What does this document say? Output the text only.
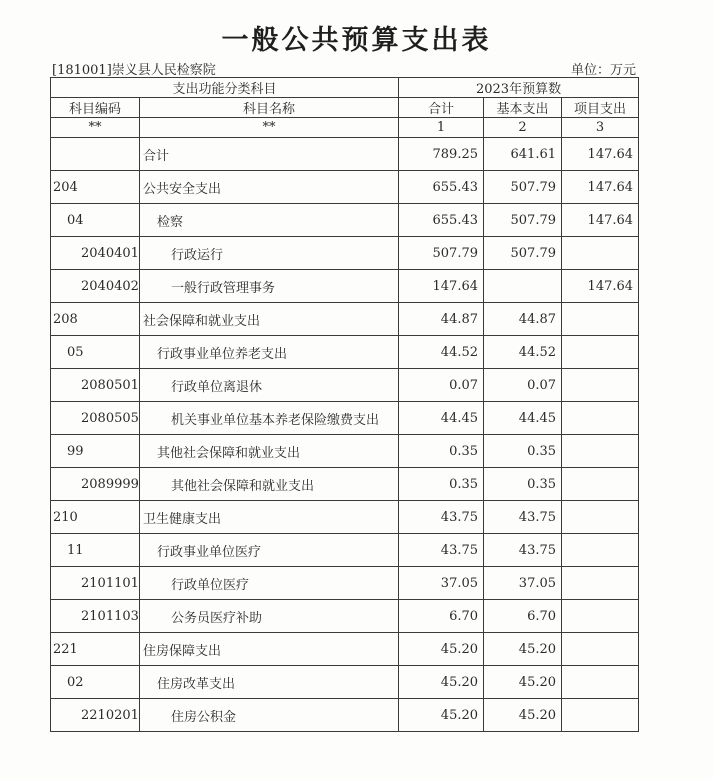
一般公共预算支出表
[181001]崇义县人民检察院	单位：万元
支出功能分类科目		2023年预算数		
科目编码	科目名称	合计	基本支出	项目支出
**	**	1	2	3
	合计	789.25	641.61	147.64
204	公共安全支出	655.43	507.79	147.64
04	检察	655.43	507.79	147.64
2040401	行政运行	507.79	507.79	
2040402	一般行政管理事务	147.64		147.64
208	社会保障和就业支出	44.87	44.87	
05	行政事业单位养老支出	44.52	44.52	
2080501	行政单位离退休	0.07	0.07	
2080505	机关事业单位基本养老保险缴费支出	44.45	44.45	
99	其他社会保障和就业支出	0.35	0.35	
2089999	其他社会保障和就业支出	0.35	0.35	
210	卫生健康支出	43.75	43.75	
11	行政事业单位医疗	43.75	43.75	
2101101	行政单位医疗	37.05	37.05	
2101103	公务员医疗补助	6.70	6.70	
221	住房保障支出	45.20	45.20	
02	住房改革支出	45.20	45.20	
2210201	住房公积金	45.20	45.20	
